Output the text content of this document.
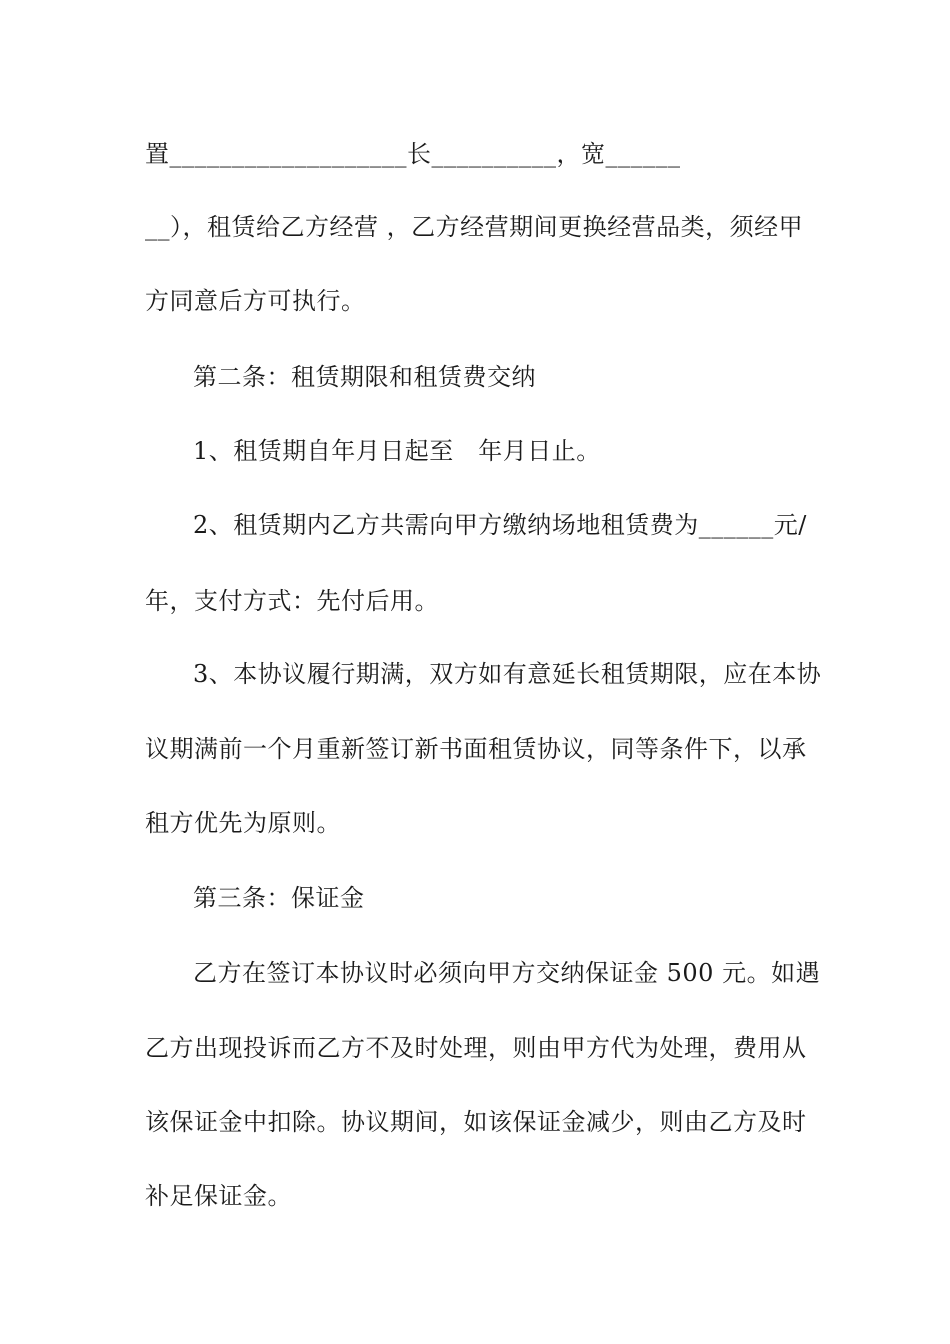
置___________________长__________，宽______
__），租赁给乙方经营 ，乙方经营期间更换经营品类，须经甲
方同意后方可执行。
第二条：租赁期限和租赁费交纳
1、租赁期自年月日起至　年月日止。
2、租赁期内乙方共需向甲方缴纳场地租赁费为______元/
年，支付方式：先付后用。
3、本协议履行期满，双方如有意延长租赁期限，应在本协
议期满前一个月重新签订新书面租赁协议，同等条件下，以承
租方优先为原则。
第三条：保证金
乙方在签订本协议时必须向甲方交纳保证金 500 元。如遇
乙方出现投诉而乙方不及时处理，则由甲方代为处理，费用从
该保证金中扣除。协议期间，如该保证金减少，则由乙方及时
补足保证金。
